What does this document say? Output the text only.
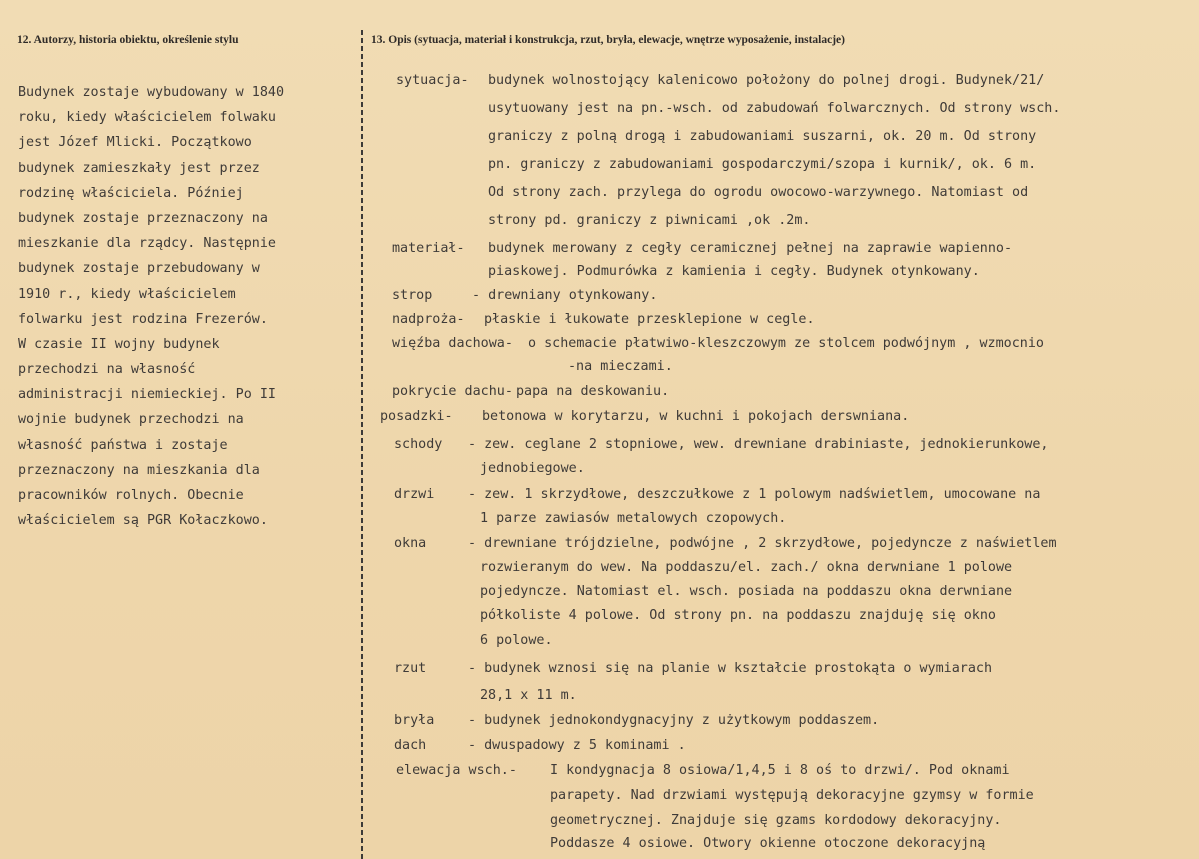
12. Autorzy, historia obiektu, określenie stylu	13. Opis (sytuacja, materiał i konstrukcja, rzut, bryła, elewacje, wnętrze wyposażenie, instalacje)
Budynek zostaje wybudowany w 1840
roku, kiedy właścicielem folwaku
jest Józef Mlicki. Początkowo
budynek zamieszkały jest przez
rodzinę właściciela. Później
budynek zostaje przeznaczony na
mieszkanie dla rządcy. Następnie
budynek zostaje przebudowany w
1910 r., kiedy właścicielem
folwarku jest rodzina Frezerów.
W czasie II wojny budynek
przechodzi na własność
administracji niemieckiej. Po II
wojnie budynek przechodzi na
własność państwa i zostaje
przeznaczony na mieszkania dla
pracowników rolnych. Obecnie
właścicielem są PGR Kołaczkowo.
sytuacja- budynek wolnostojący kalenicowo położony do polnej drogi. Budynek/21/
usytuowany jest na pn.-wsch. od zabudowań folwarcznych. Od strony wsch.
graniczy z polną drogą i zabudowaniami suszarni, ok. 20 m. Od strony
pn. graniczy z zabudowaniami gospodarczymi/szopa i kurnik/, ok. 6 m.
Od strony zach. przylega do ogrodu owocowo-warzywnego. Natomiast od
strony pd. graniczy z piwnicami ,ok .2m.
materiał- budynek merowany z cegły ceramicznej pełnej na zaprawie wapienno-
piaskowej. Podmurówka z kamienia i cegły. Budynek otynkowany.
strop	- drewniany otynkowany.
nadproża- płaskie i łukowate przesklepione w cegle.
więźba dachowa- o schemacie płatwiwo-kleszczowym ze stolcem podwójnym , wzmocnio
-na mieczami.
pokrycie dachu- papa na deskowaniu.
posadzki- betonowa w korytarzu, w kuchni i pokojach derswniana.
schody - zew. ceglane 2 stopniowe, wew. drewniane drabiniaste, jednokierunkowe,
jednobiegowe.
drzwi	- zew. 1 skrzydłowe, deszczułkowe z 1 polowym nadświetlem, umocowane na
1 parze zawiasów metalowych czopowych.
okna	- drewniane trójdzielne, podwójne , 2 skrzydłowe, pojedyncze z naświetlem
rozwieranym do wew. Na poddaszu/el. zach./ okna derwniane 1 polowe
pojedyncze. Natomiast el. wsch. posiada na poddaszu okna derwniane
półkoliste 4 polowe. Od strony pn. na poddaszu znajduję się okno
6 polowe.
rzut	- budynek wznosi się na planie w kształcie prostokąta o wymiarach
28,1 x 11 m.
bryła	- budynek jednokondygnacyjny z użytkowym poddaszem.
dach	- dwuspadowy z 5 kominami .
elewacja wsch.- I kondygnacja 8 osiowa/1,4,5 i 8 oś to drzwi/. Pod oknami
parapety. Nad drzwiami występują dekoracyjne gzymsy w formie
geometrycznej. Znajduje się gzams kordodowy dekoracyjny.
Poddasze 4 osiowe. Otwory okienne otoczone dekoracyjną
